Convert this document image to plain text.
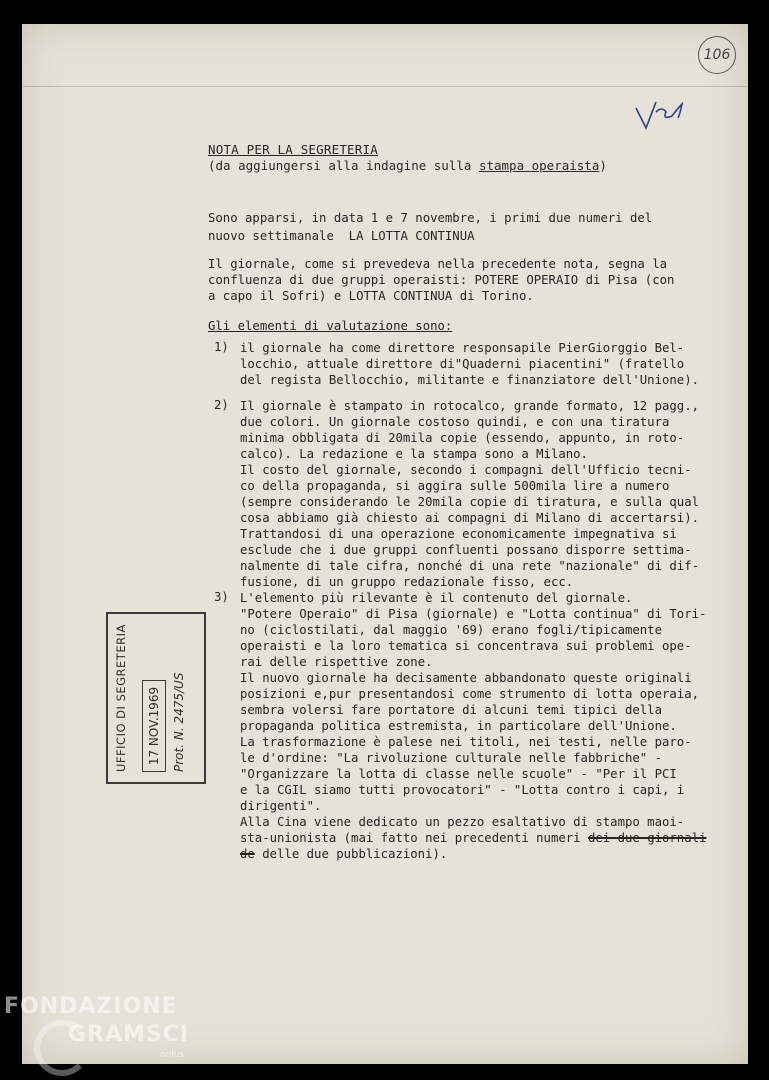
106
NOTA PER LA SEGRETERIA
(da aggiungersi alla indagine sulla stampa operaista)
Sono apparsi, in data 1 e 7 novembre, i primi due numeri del
nuovo settimanale  LA LOTTA CONTINUA
Il giornale, come si prevedeva nella precedente nota, segna la
confluenza di due gruppi operaisti: POTERE OPERAIO di Pisa (con
a capo il Sofri) e LOTTA CONTINUA di Torino.
Gli elementi di valutazione sono:
1) il giornale ha come direttore responsapile PierGiorggio Bel-
locchio, attuale direttore di"Quaderni piacentini" (fratello
del regista Bellocchio, militante e finanziatore dell'Unione).
2) Il giornale è stampato in rotocalco, grande formato, 12 pagg.,
due colori. Un giornale costoso quindi, e con una tiratura
minima obbligata di 20mila copie (essendo, appunto, in roto-
calco). La redazione e la stampa sono a Milano.
Il costo del giornale, secondo i compagni dell'Ufficio tecni-
co della propaganda, si aggira sulle 500mila lire a numero
(sempre considerando le 20mila copie di tiratura, e sulla qual
cosa abbiamo già chiesto ai compagni di Milano di accertarsi).
Trattandosi di una operazione economicamente impegnativa si
esclude che i due gruppi confluenti possano disporre settima-
nalmente di tale cifra, nonché di una rete "nazionale" di dif-
fusione, di un gruppo redazionale fisso, ecc.
3) L'elemento più rilevante è il contenuto del giornale.
"Potere Operaio" di Pisa (giornale) e "Lotta continua" di Tori-
no (ciclostilati, dal maggio '69) erano fogli/tipicamente
operaisti e la loro tematica si concentrava sui problemi ope-
rai delle rispettive zone.
Il nuovo giornale ha decisamente abbandonato queste originali
posizioni e,pur presentandosi come strumento di lotta operaia,
sembra volersi fare portatore di alcuni temi tipici della
propaganda politica estremista, in particolare dell'Unione.
La trasformazione è palese nei titoli, nei testi, nelle paro-
le d'ordine: "La rivoluzione culturale nelle fabbriche" -
"Organizzare la lotta di classe nelle scuole" - "Per il PCI
e la CGIL siamo tutti provocatori" - "Lotta contro i capi, i
dirigenti".
Alla Cina viene dedicato un pezzo esaltativo di stampo maoi-
sta-unionista (mai fatto nei precedenti numeri dei due giornali
de delle due pubblicazioni).
UFFICIO DI SEGRETERIA	17 NOV.1969 Prot. N. 2475/US
FONDAZIONE
GRAMSCI
onlus
